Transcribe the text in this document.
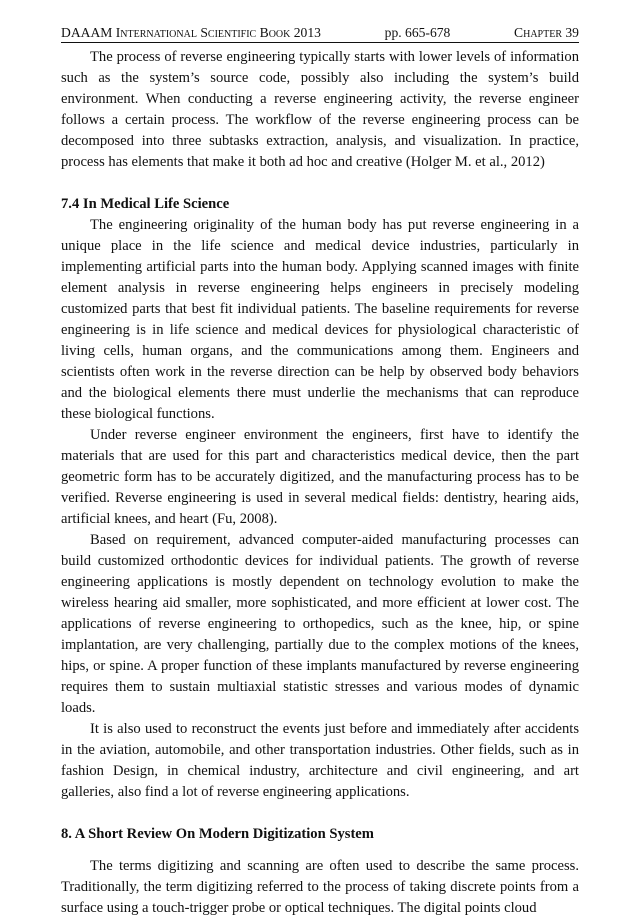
DAAAM International Scientific Book 2013	pp. 665-678	Chapter 39

The process of reverse engineering typically starts with lower levels of information such as the system’s source code, possibly also including the system’s build environment. When conducting a reverse engineering activity, the reverse engineer follows a certain process. The workflow of the reverse engineering process can be decomposed into three subtasks extraction, analysis, and visualization. In practice, process has elements that make it both ad hoc and creative (Holger M. et al., 2012)

7.4 In Medical Life Science

The engineering originality of the human body has put reverse engineering in a unique place in the life science and medical device industries, particularly in implementing artificial parts into the human body. Applying scanned images with finite element analysis in reverse engineering helps engineers in precisely modeling customized parts that best fit individual patients. The baseline requirements for reverse engineering is in life science and medical devices for physiological characteristic of living cells, human organs, and the communications among them. Engineers and scientists often work in the reverse direction can be help by observed body behaviors and the biological elements there must underlie the mechanisms that can reproduce these biological functions.

Under reverse engineer environment the engineers, first have to identify the materials that are used for this part and characteristics medical device, then the part geometric form has to be accurately digitized, and the manufacturing process has to be verified. Reverse engineering is used in several medical fields: dentistry, hearing aids, artificial knees, and heart (Fu, 2008).

Based on requirement, advanced computer-aided manufacturing processes can build customized orthodontic devices for individual patients. The growth of reverse engineering applications is mostly dependent on technology evolution to make the wireless hearing aid smaller, more sophisticated, and more efficient at lower cost. The applications of reverse engineering to orthopedics, such as the knee, hip, or spine implantation, are very challenging, partially due to the complex motions of the knees, hips, or spine. A proper function of these implants manufactured by reverse engineering requires them to sustain multiaxial statistic stresses and various modes of dynamic loads.

It is also used to reconstruct the events just before and immediately after accidents in the aviation, automobile, and other transportation industries. Other fields, such as in fashion Design, in chemical industry, architecture and civil engineering, and art galleries, also find a lot of reverse engineering applications.

8. A Short Review On Modern Digitization System

The terms digitizing and scanning are often used to describe the same process. Traditionally, the term digitizing referred to the process of taking discrete points from a surface using a touch-trigger probe or optical techniques. The digital points cloud
